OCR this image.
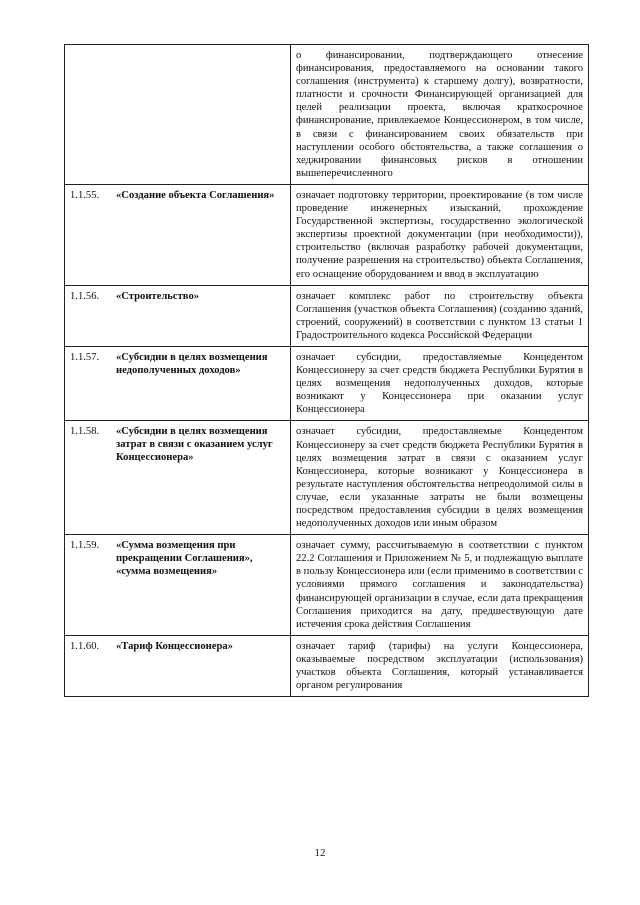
	о финансировании, подтверждающего отнесение финансирования, предоставляемого на основании такого соглашения (инструмента) к старшему долгу), возвратности, платности и срочности Финансирующей организацией для целей реализации проекта, включая краткосрочное финансирование, привлекаемое Концессионером, в том числе, в связи с финансированием своих обязательств при наступлении особого обстоятельства, а также соглашения о хеджировании финансовых рисков в отношении вышеперечисленного

1.1.55. «Создание объекта Соглашения»	означает подготовку территории, проектирование (в том числе проведение инженерных изысканий, прохождение Государственной экспертизы, государственно экологической экспертизы проектной документации (при необходимости)), строительство (включая разработку рабочей документации, получение разрешения на строительство) объекта Соглашения, его оснащение оборудованием и ввод в эксплуатацию

1.1.56. «Строительство»	означает комплекс работ по строительству объекта Соглашения (участков объекта Соглашения) (созданию зданий, строений, сооружений) в соответствии с пунктом 13 статьи 1 Градостроительного кодекса Российской Федерации

1.1.57. «Субсидии в целях возмещения недополученных доходов»	означает субсидии, предоставляемые Концедентом Концессионеру за счет средств бюджета Республики Бурятия в целях возмещения недополученных доходов, которые возникают у Концессионера при оказании услуг Концессионера

1.1.58. «Субсидии в целях возмещения затрат в связи с оказанием услуг Концессионера»	означает субсидии, предоставляемые Концедентом Концессионеру за счет средств бюджета Республики Бурятия в целях возмещения затрат в связи с оказанием услуг Концессионера, которые возникают у Концессионера в результате наступления обстоятельства непреодолимой силы в случае, если указанные затраты не были возмещены посредством предоставления субсидии в целях возмещения недополученных доходов или иным образом

1.1.59. «Сумма возмещения при прекращении Соглашения», «сумма возмещения»	означает сумму, рассчитываемую в соответствии с пунктом 22.2 Соглашения и Приложением № 5, и подлежащую выплате в пользу Концессионера или (если применимо в соответствии с условиями прямого соглашения и законодательства) финансирующей организации в случае, если дата прекращения Соглашения приходится на дату, предшествующую дате истечения срока действия Соглашения

1.1.60. «Тариф Концессионера»	означает тариф (тарифы) на услуги Концессионера, оказываемые посредством эксплуатации (использования) участков объекта Соглашения, который устанавливается органом регулирования
12
